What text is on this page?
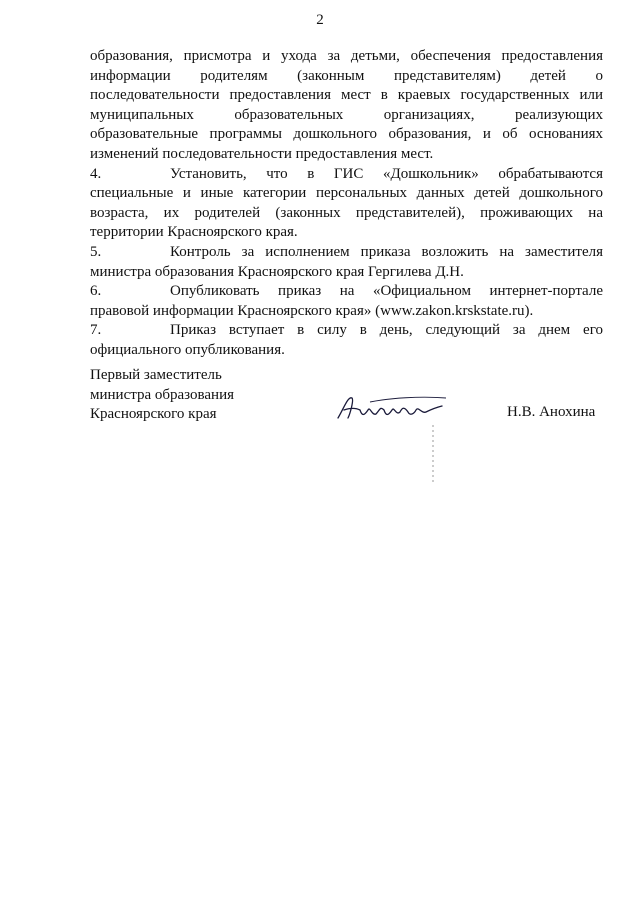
2

образования, присмотра и ухода за детьми, обеспечения предоставления информации родителям (законным представителям) детей о последовательности предоставления мест в краевых государственных или муниципальных образовательных организациях, реализующих образовательные программы дошкольного образования, и об основаниях изменений последовательности предоставления мест.

4.	Установить, что в ГИС «Дошкольник» обрабатываются специальные и иные категории персональных данных детей дошкольного возраста, их родителей (законных представителей), проживающих на территории Красноярского края.

5.	Контроль за исполнением приказа возложить на заместителя министра образования Красноярского края Гергилева Д.Н.

6.	Опубликовать приказ на «Официальном интернет-портале правовой информации Красноярского края» (www.zakon.krskstate.ru).

7.	Приказ вступает в силу в день, следующий за днем его официального опубликования.

Первый заместитель
министра образования
Красноярского края	Н.В. Анохина
